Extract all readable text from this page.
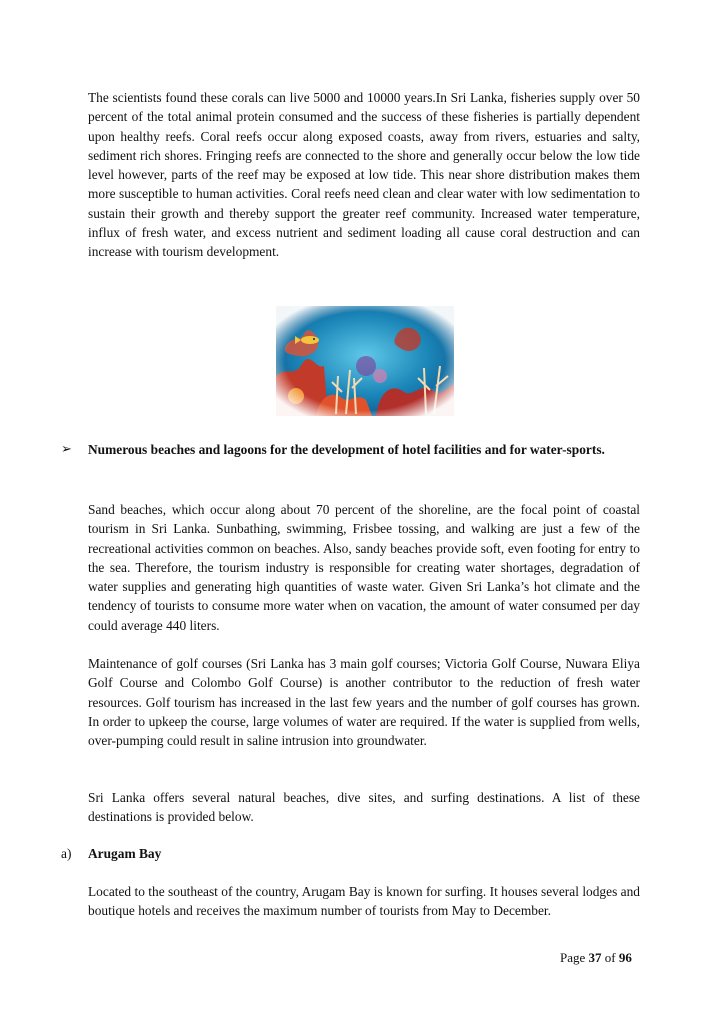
The scientists found these corals can live 5000 and 10000 years.In Sri Lanka, fisheries supply over 50 percent of the total animal protein consumed and the success of these fisheries is partially dependent upon healthy reefs. Coral reefs occur along exposed coasts, away from rivers, estuaries and salty, sediment rich shores. Fringing reefs are connected to the shore and generally occur below the low tide level however, parts of the reef may be exposed at low tide. This near shore distribution makes them more susceptible to human activities. Coral reefs need clean and clear water with low sedimentation to sustain their growth and thereby support the greater reef community. Increased water temperature, influx of fresh water, and excess nutrient and sediment loading all cause coral destruction and can increase with tourism development.

➢ Numerous beaches and lagoons for the development of hotel facilities and for water-sports.

Sand beaches, which occur along about 70 percent of the shoreline, are the focal point of coastal tourism in Sri Lanka. Sunbathing, swimming, Frisbee tossing, and walking are just a few of the recreational activities common on beaches. Also, sandy beaches provide soft, even footing for entry to the sea. Therefore, the tourism industry is responsible for creating water shortages, degradation of water supplies and generating high quantities of waste water. Given Sri Lanka’s hot climate and the tendency of tourists to consume more water when on vacation, the amount of water consumed per day could average 440 liters.

Maintenance of golf courses (Sri Lanka has 3 main golf courses; Victoria Golf Course, Nuwara Eliya Golf Course and Colombo Golf Course) is another contributor to the reduction of fresh water resources. Golf tourism has increased in the last few years and the number of golf courses has grown. In order to upkeep the course, large volumes of water are required. If the water is supplied from wells, over-pumping could result in saline intrusion into groundwater.

Sri Lanka offers several natural beaches, dive sites, and surfing destinations. A list of these destinations is provided below.

a) Arugam Bay

Located to the southeast of the country, Arugam Bay is known for surfing. It houses several lodges and boutique hotels and receives the maximum number of tourists from May to December.

Page 37 of 96
